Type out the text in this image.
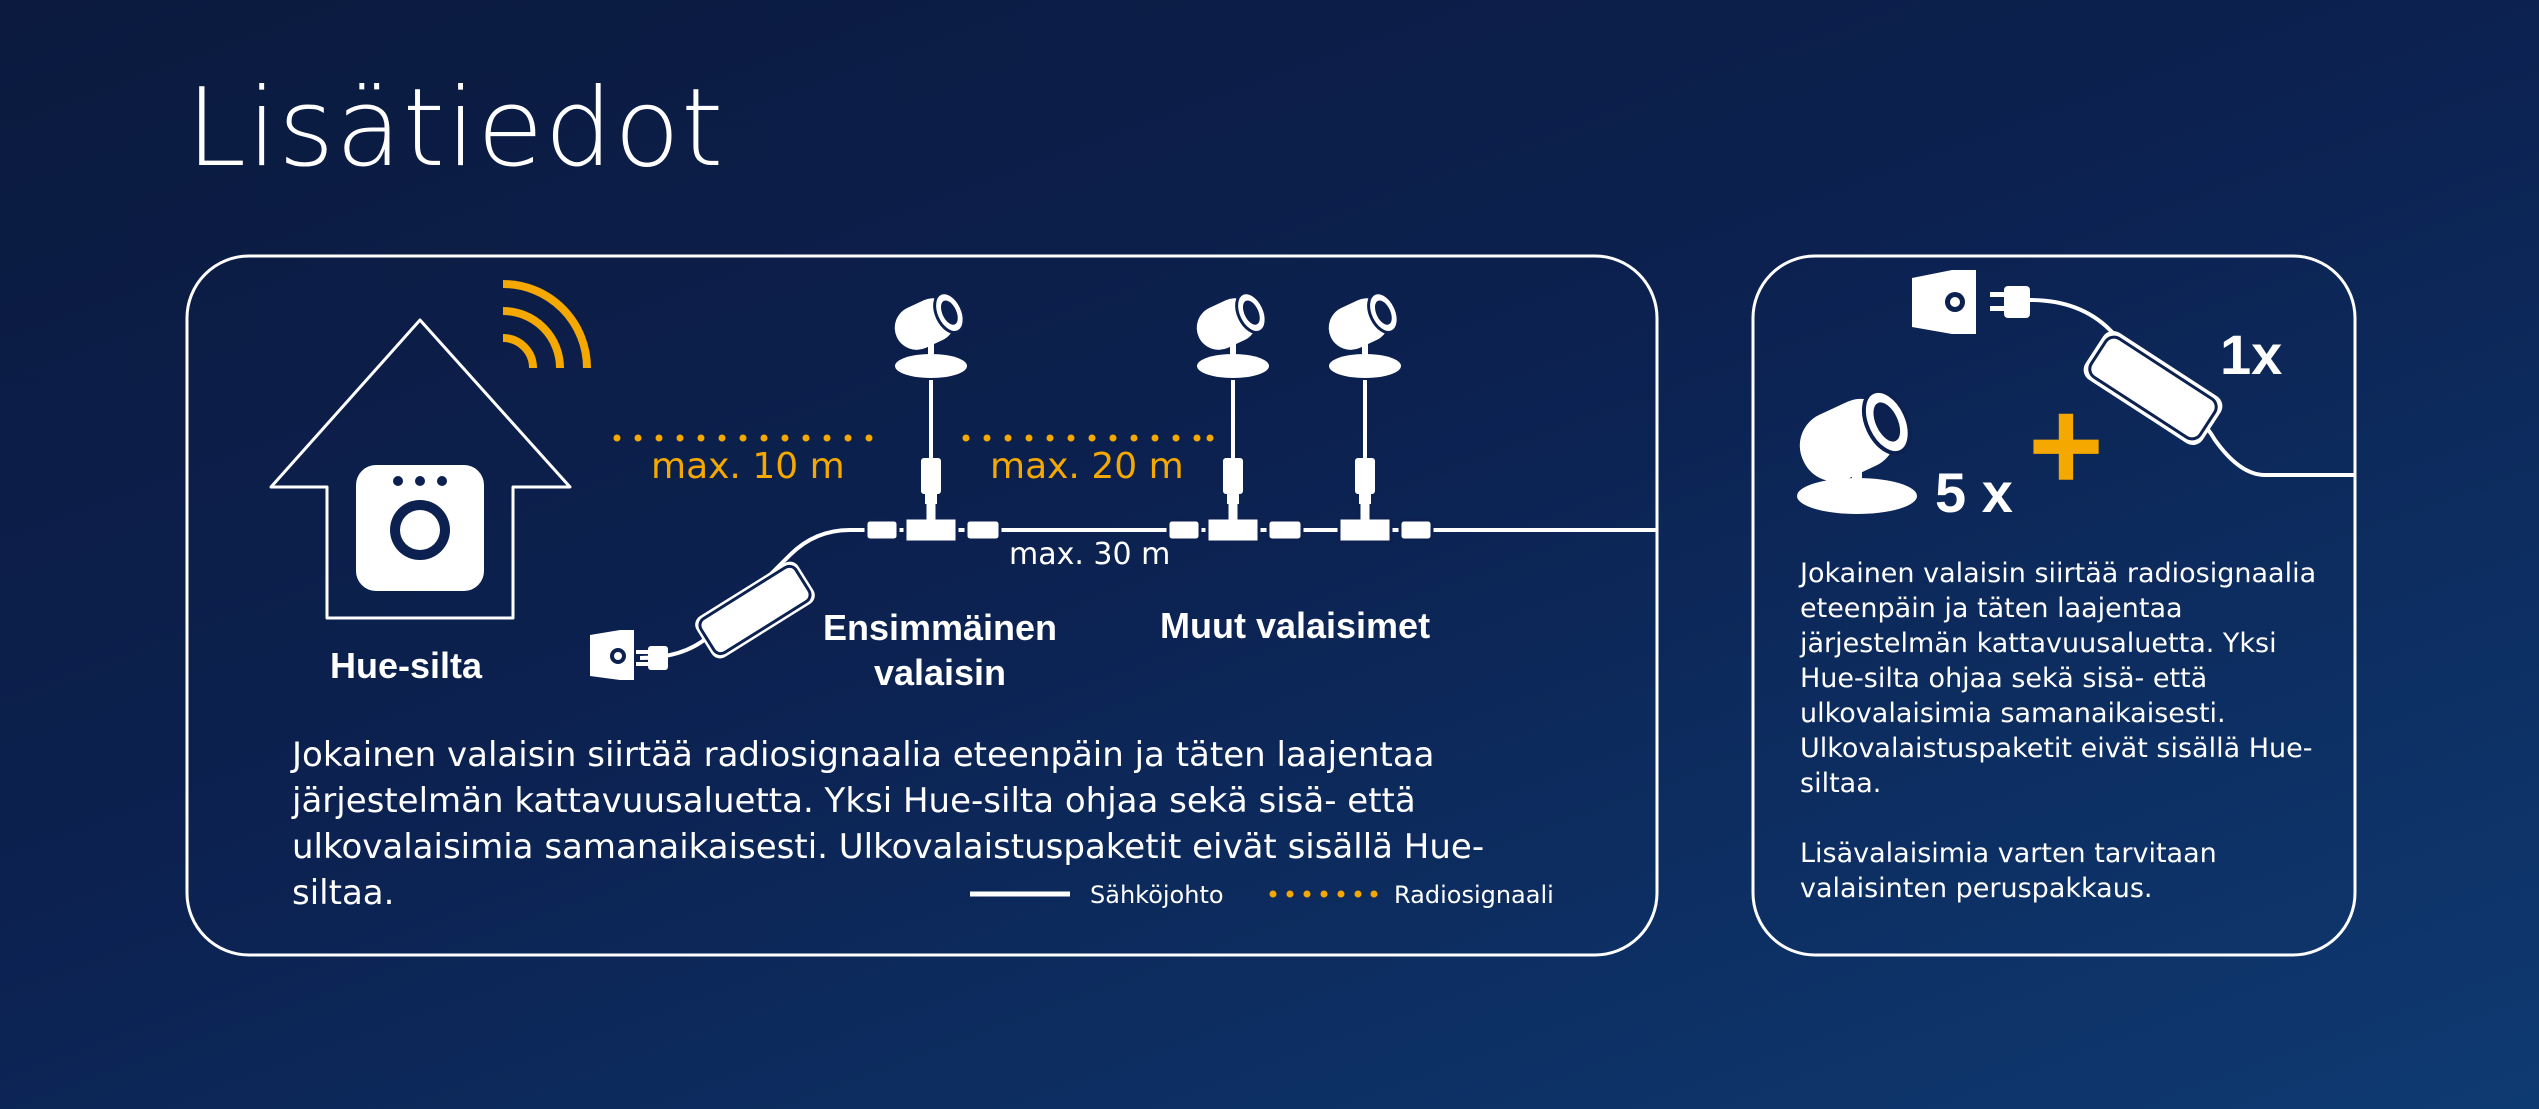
Lisätiedot
max. 10 m	max. 20 m
max. 30 m
Hue-silta
Ensimmäinen
valaisin
Muut valaisimet
Jokainen valaisin siirtää radiosignaalia eteenpäin ja täten laajentaa
järjestelmän kattavuusaluetta. Yksi Hue-silta ohjaa sekä sisä- että
ulkovalaisimia samanaikaisesti. Ulkovalaistuspaketit eivät sisällä Hue-
siltaa.	Sähköjohto	Radiosignaali
1x
+
5 x
Jokainen valaisin siirtää radiosignaalia
eteenpäin ja täten laajentaa
järjestelmän kattavuusaluetta. Yksi
Hue-silta ohjaa sekä sisä- että
ulkovalaisimia samanaikaisesti.
Ulkovalaistuspaketit eivät sisällä Hue-
siltaa.

Lisävalaisimia varten tarvitaan
valaisinten peruspakkaus.
